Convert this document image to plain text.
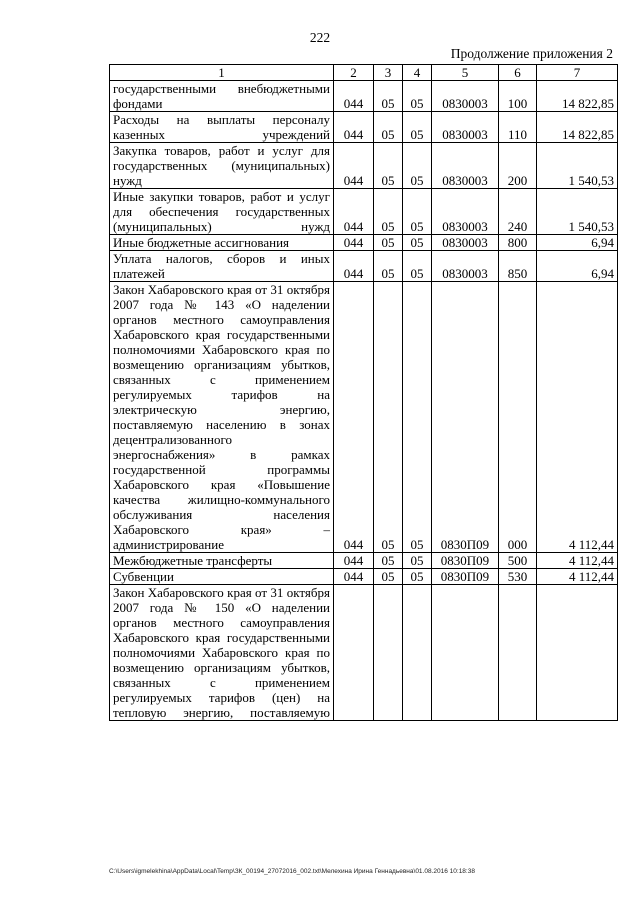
222
Продолжение приложения 2
1	2	3	4	5	6	7
государственными внебюджетными фондами	044	05	05	0830003	100	14 822,85
Расходы на выплаты персоналу казенных учреждений	044	05	05	0830003	110	14 822,85
Закупка товаров, работ и услуг для государственных (муниципальных) нужд	044	05	05	0830003	200	1 540,53
Иные закупки товаров, работ и услуг для обеспечения государственных (муниципальных) нужд	044	05	05	0830003	240	1 540,53
Иные бюджетные ассигнования	044	05	05	0830003	800	6,94
Уплата налогов, сборов и иных платежей	044	05	05	0830003	850	6,94
Закон Хабаровского края от 31 октября 2007 года № 143 «О наделении органов местного самоуправления Хабаровского края государственными полномочиями Хабаровского края по возмещению организациям убытков, связанных с применением регулируемых тарифов на электрическую энергию, поставляемую населению в зонах децентрализованного энергоснабжения» в рамках государственной программы Хабаровского края «Повышение качества жилищно-коммунального обслуживания населения Хабаровского края» – администрирование	044	05	05	0830П09	000	4 112,44
Межбюджетные трансферты	044	05	05	0830П09	500	4 112,44
Субвенции	044	05	05	0830П09	530	4 112,44
Закон Хабаровского края от 31 октября 2007 года № 150 «О наделении органов местного самоуправления Хабаровского края государственными полномочиями Хабаровского края по возмещению организациям убытков, связанных с применением регулируемых тарифов (цен) на тепловую энергию, поставляемую						
C:\Users\igmelekhina\AppData\Local\Temp\ЗК_00194_27072016_002.txt\Мелехина Ирина Геннадьевна\01.08.2016 10:18:38
